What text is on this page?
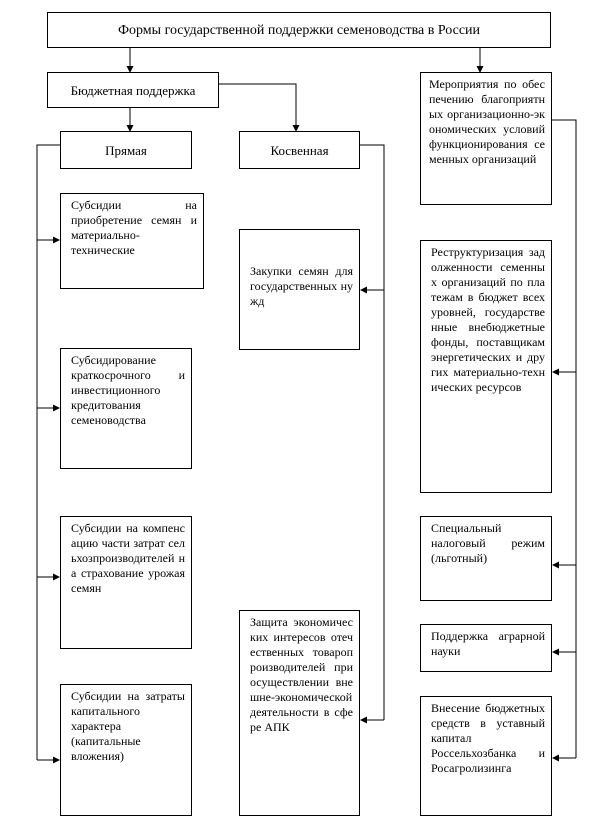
Формы государственной поддержки семеноводства в России
Бюджетная поддержка	Мероприятия по обеспечению благоприятных организационно-экономических условий функционирования семенных организаций
Прямая	Косвенная
Субсидии на приобретение семян и материально-технические
Субсидирование краткосрочного и инвестиционного кредитования семеноводства
Субсидии на компенсацию части затрат сельхозпроизводителей на страхование урожая семян
Субсидии на затраты капитального характера (капитальные вложения)
Закупки семян для государственных нужд
Защита экономических интересов отечественных товаропроизводителей при осуществлении внешне-экономической деятельности в сфере АПК
Реструктуризация задолженности семенных организаций по платежам в бюджет всех уровней, государственные внебюджетные фонды, поставщикам энергетических и других материально-технических ресурсов
Специальный налоговый режим (льготный)
Поддержка аграрной науки
Внесение бюджетных средств в уставный капитал Россельхозбанка и Росагролизинга
